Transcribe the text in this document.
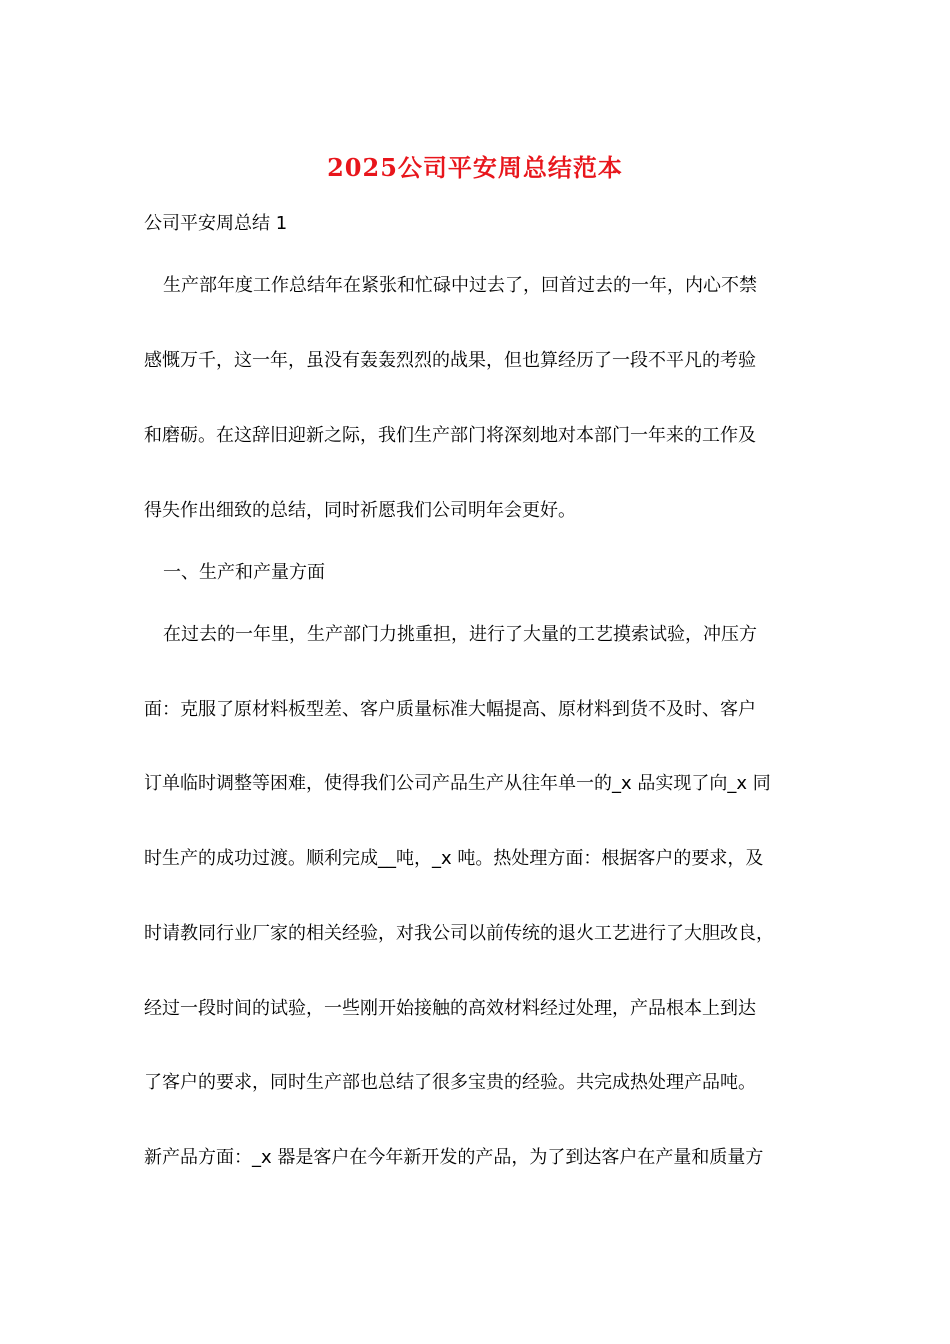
2025公司平安周总结范本
公司平安周总结 1
生产部年度工作总结年在紧张和忙碌中过去了，回首过去的一年，内心不禁
感慨万千，这一年，虽没有轰轰烈烈的战果，但也算经历了一段不平凡的考验
和磨砺。在这辞旧迎新之际，我们生产部门将深刻地对本部门一年来的工作及
得失作出细致的总结，同时祈愿我们公司明年会更好。
一、生产和产量方面
在过去的一年里，生产部门力挑重担，进行了大量的工艺摸索试验，冲压方
面：克服了原材料板型差、客户质量标准大幅提高、原材料到货不及时、客户
订单临时调整等困难，使得我们公司产品生产从往年单一的_x 品实现了向_x 同
时生产的成功过渡。顺利完成__吨，_x 吨。热处理方面：根据客户的要求，及
时请教同行业厂家的相关经验，对我公司以前传统的退火工艺进行了大胆改良，
经过一段时间的试验，一些刚开始接触的高效材料经过处理，产品根本上到达
了客户的要求，同时生产部也总结了很多宝贵的经验。共完成热处理产品吨。
新产品方面：_x 器是客户在今年新开发的产品，为了到达客户在产量和质量方
